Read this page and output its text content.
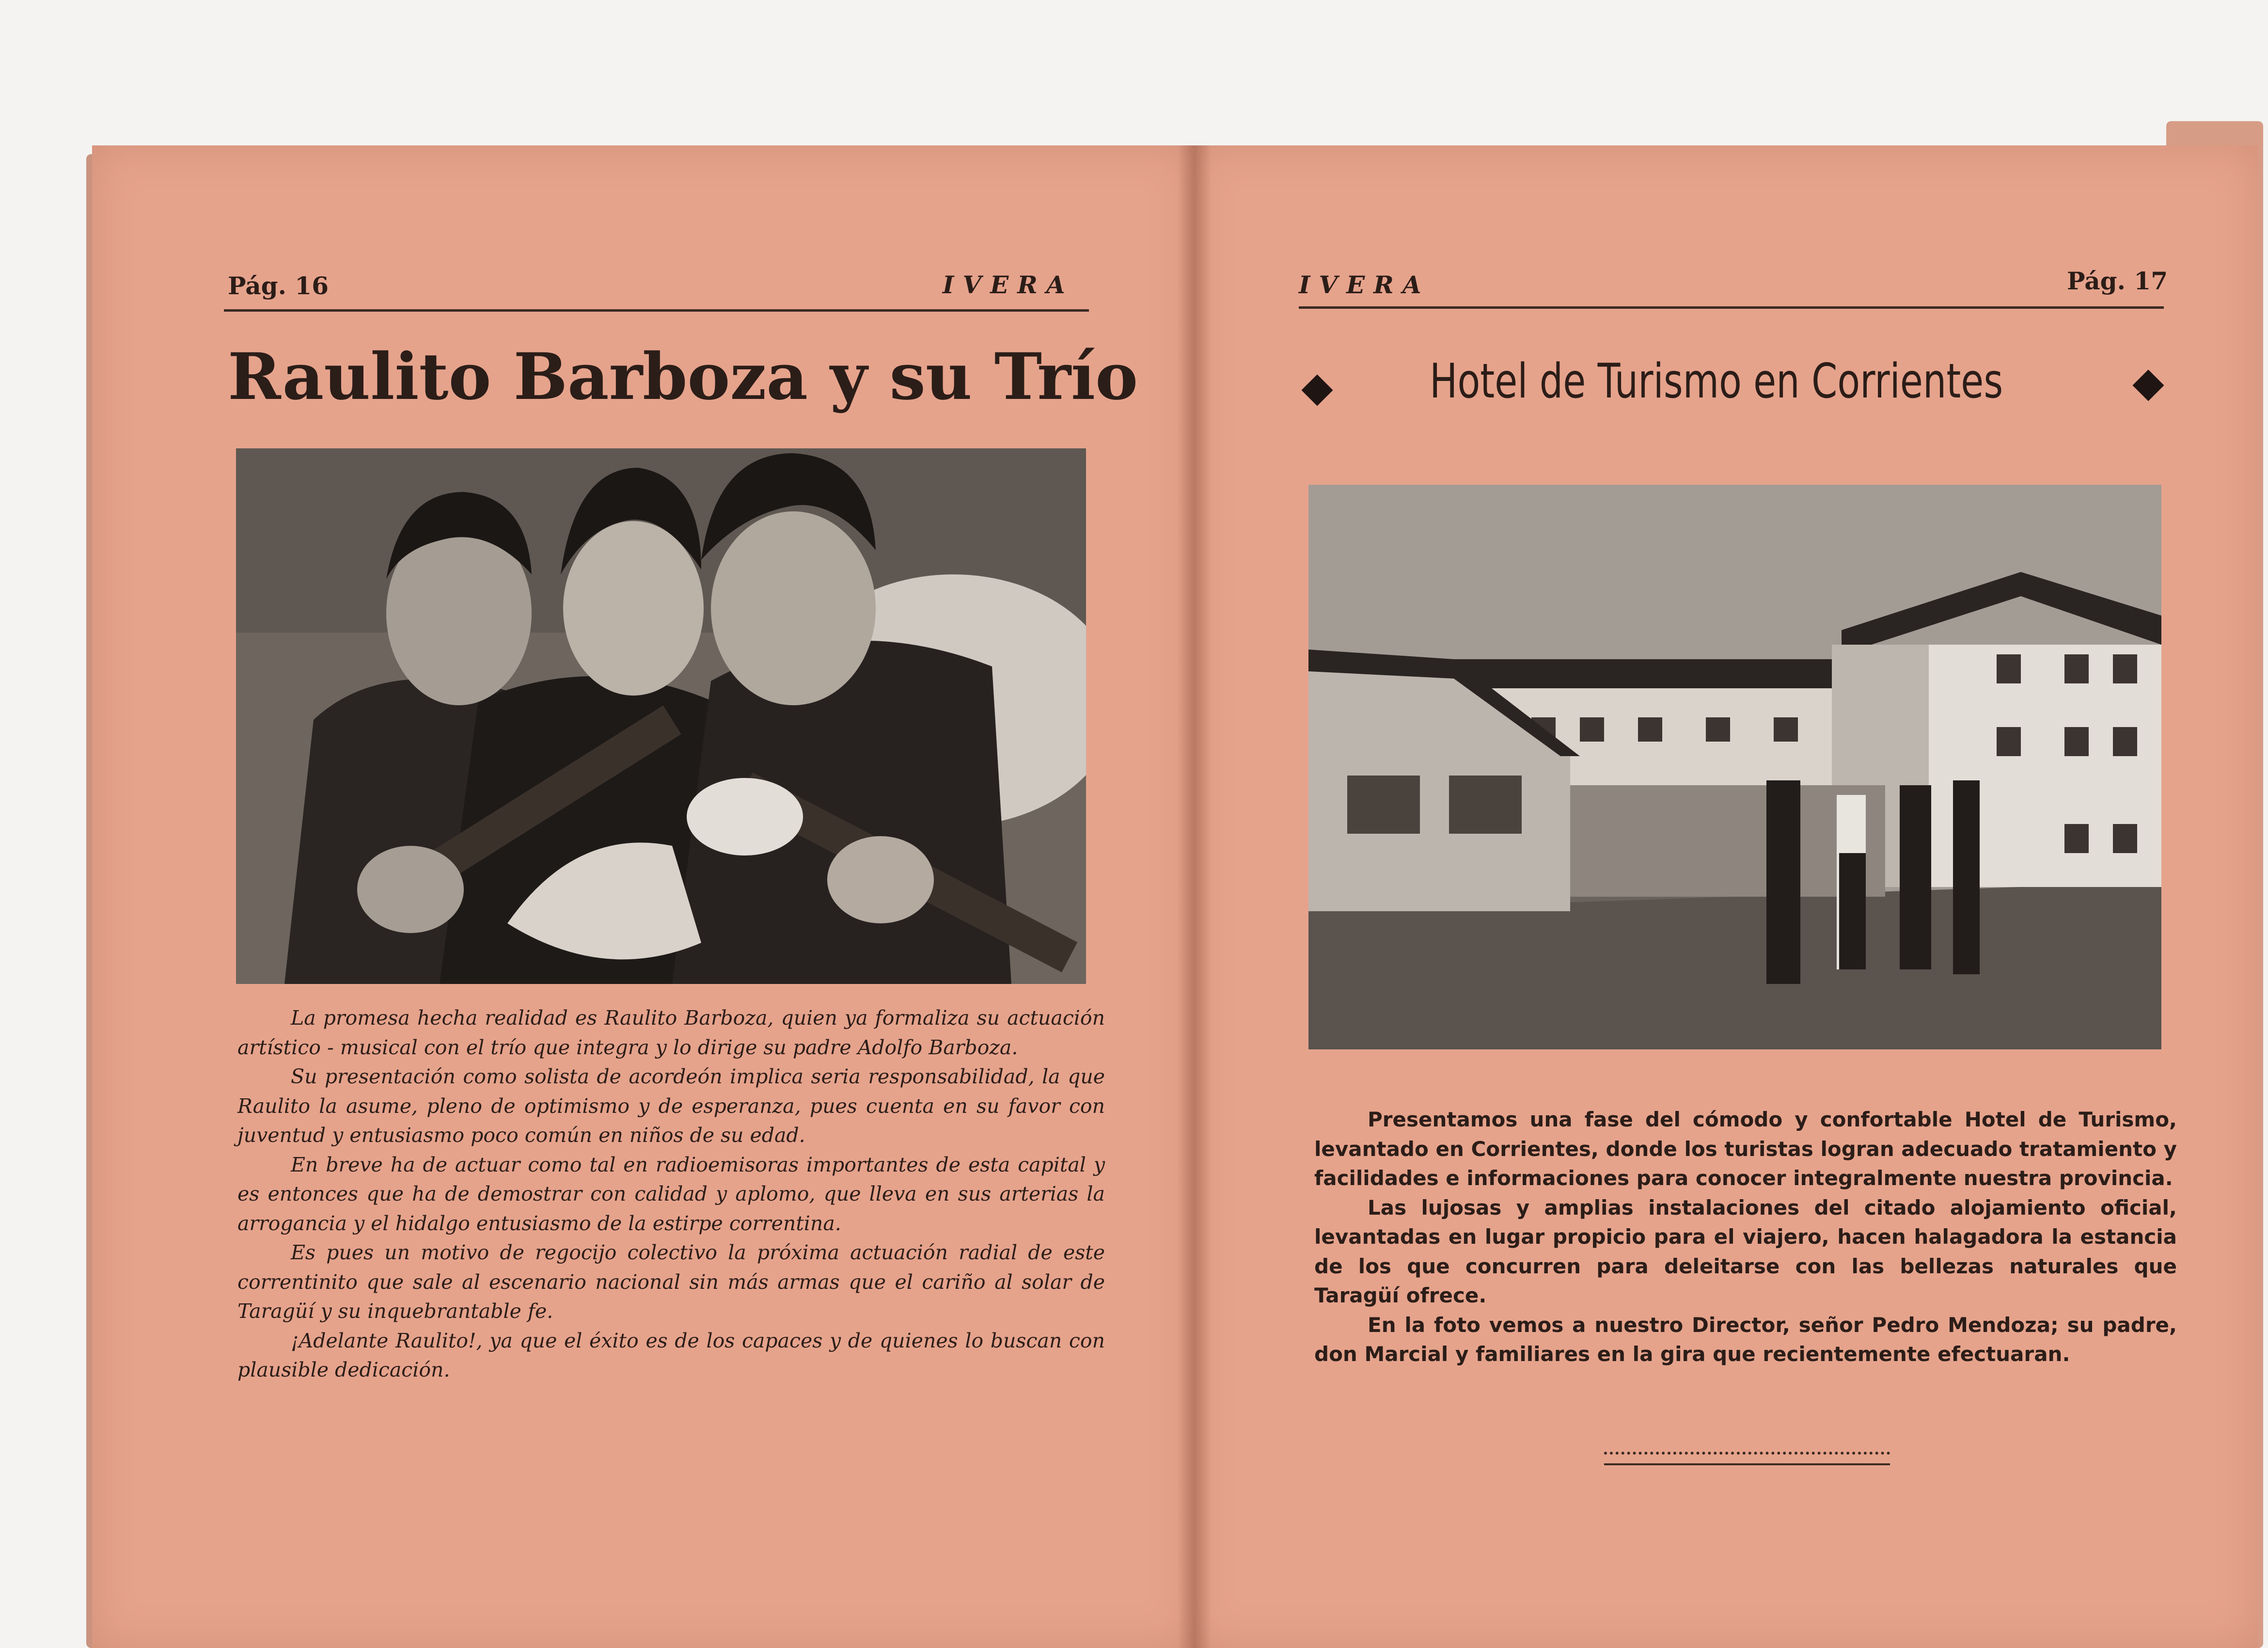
Pág. 16	IVERA
Raulito Barboza y su Trío

La promesa hecha realidad es Raulito Barboza, quien ya formaliza su actuación artístico - musical con el trío que integra y lo dirige su padre Adolfo Barboza.

Su presentación como solista de acordeón implica seria responsabilidad, la que Raulito la asume, pleno de optimismo y de esperanza, pues cuenta en su favor con juventud y entusiasmo poco común en niños de su edad.

En breve ha de actuar como tal en radioemisoras importantes de esta capital y es entonces que ha de demostrar con calidad y aplomo, que lleva en sus arterias la arrogancia y el hidalgo entusiasmo de la estirpe correntina.

Es pues un motivo de regocijo colectivo la próxima actuación radial de este correntinito que sale al escenario nacional sin más armas que el cariño al solar de Taragüí y su inquebrantable fe.

¡Adelante Raulito!, ya que el éxito es de los capaces y de quienes lo buscan con plausible dedicación.

IVERA	Pág. 17
Hotel de Turismo en Corrientes

Presentamos una fase del cómodo y confortable Hotel de Turismo, levantado en Corrientes, donde los turistas logran adecuado tratamiento y facilidades e informaciones para conocer integralmente nuestra provincia.

Las lujosas y amplias instalaciones del citado alojamiento oficial, levantadas en lugar propicio para el viajero, hacen halagadora la estancia de los que concurren para deleitarse con las bellezas naturales que Taragüí ofrece.

En la foto vemos a nuestro Director, señor Pedro Mendoza; su padre, don Marcial y familiares en la gira que recientemente efectuaran.
